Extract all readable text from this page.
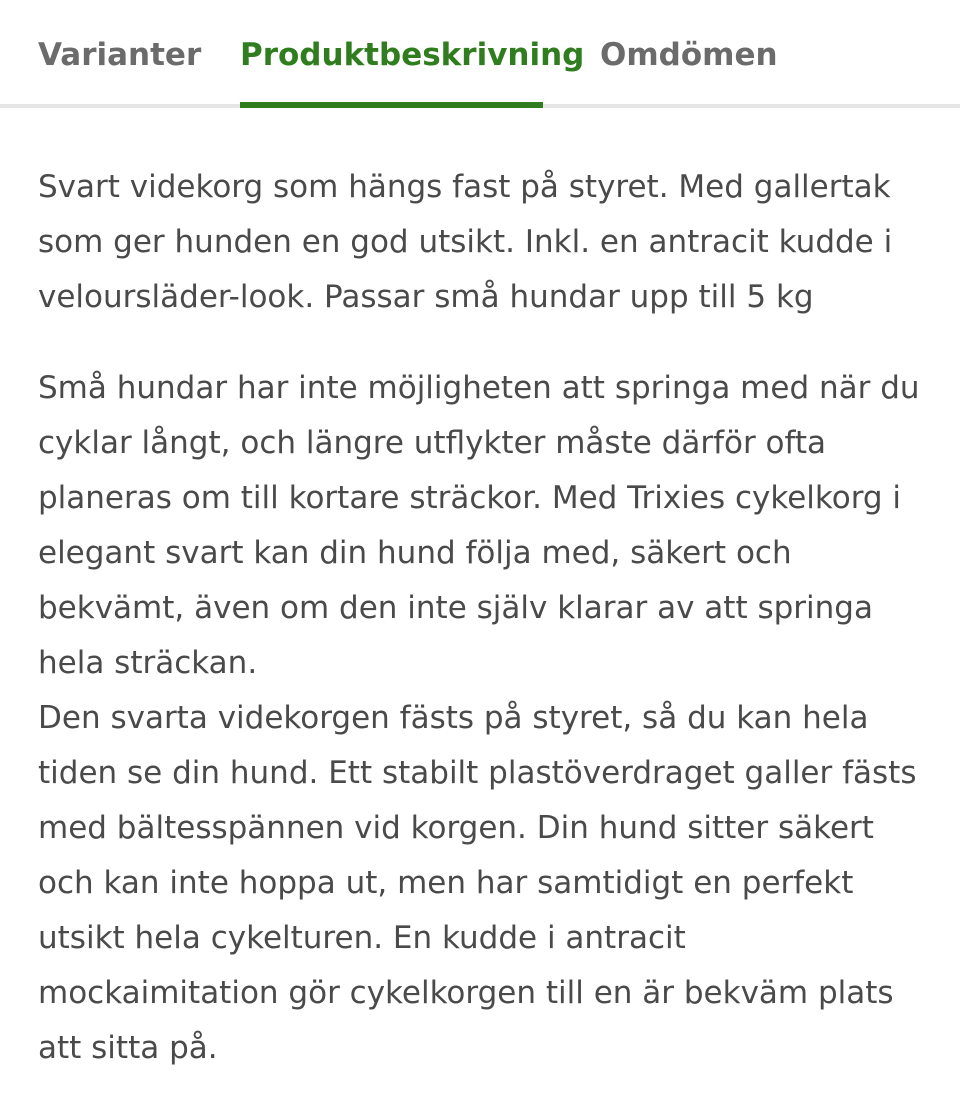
Varianter Produktbeskrivning Omdömen

Svart videkorg som hängs fast på styret. Med gallertak som ger hunden en god utsikt. Inkl. en antracit kudde i veloursläder-look. Passar små hundar upp till 5 kg

Små hundar har inte möjligheten att springa med när du cyklar långt, och längre utflykter måste därför ofta planeras om till kortare sträckor. Med Trixies cykelkorg i elegant svart kan din hund följa med, säkert och bekvämt, även om den inte själv klarar av att springa hela sträckan.
Den svarta videkorgen fästs på styret, så du kan hela tiden se din hund. Ett stabilt plastöverdraget galler fästs med bältesspännen vid korgen. Din hund sitter säkert och kan inte hoppa ut, men har samtidigt en perfekt utsikt hela cykelturen. En kudde i antracit mockaimitation gör cykelkorgen till en är bekväm plats att sitta på.
